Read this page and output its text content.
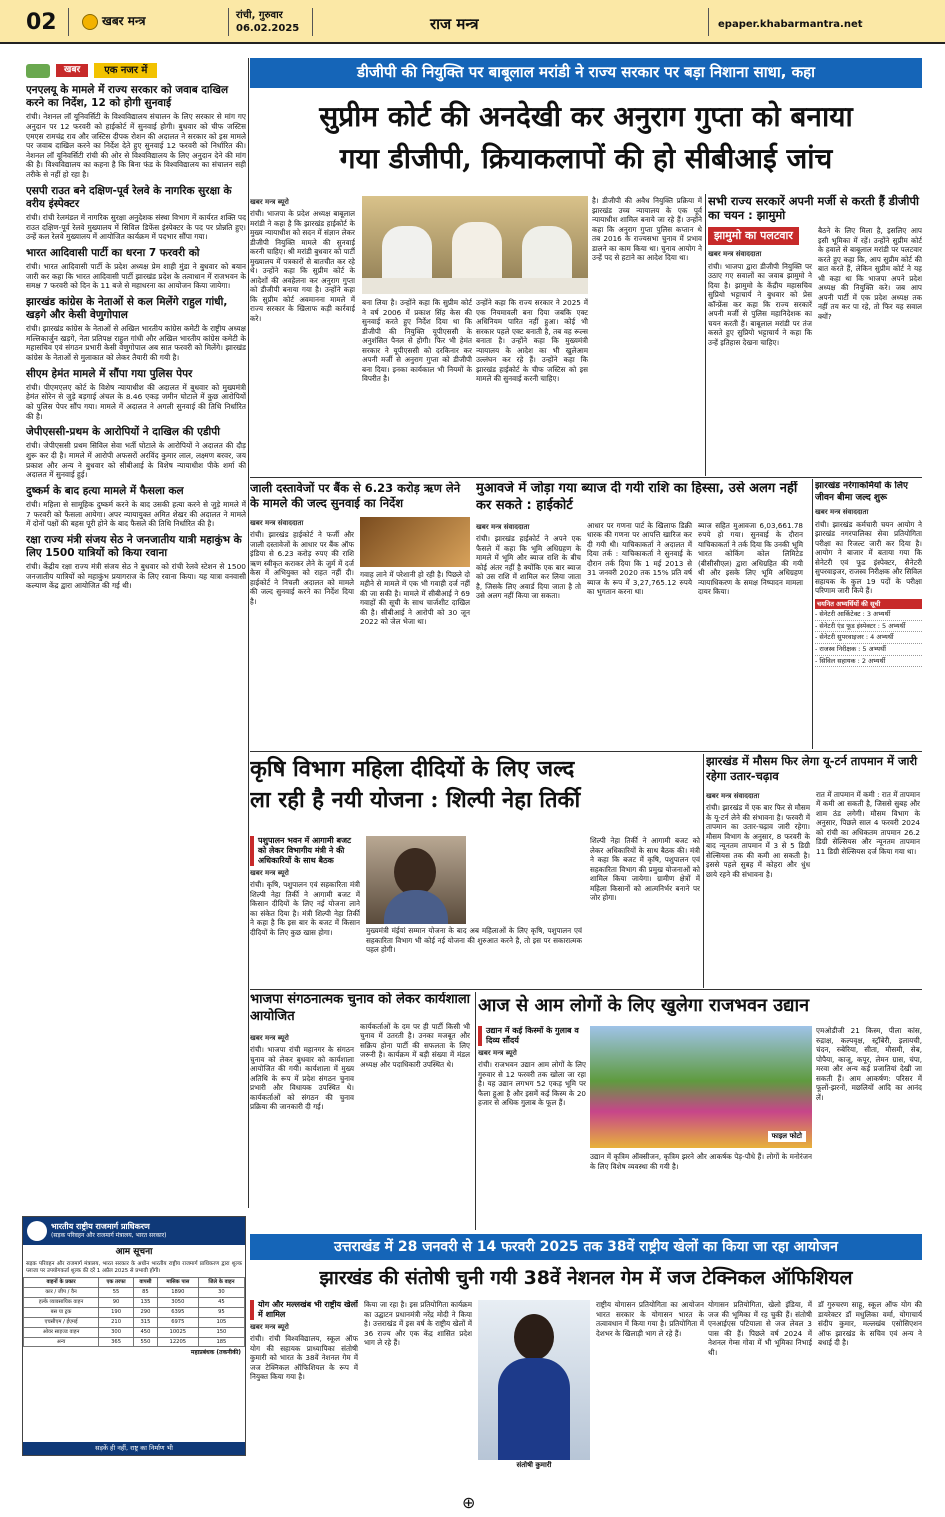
02	खबर मन्त्र	रांची, गुरुवार
06.02.2025	राज मन्त्र	epaper.khabarmantra.net
खबर	एक नजर में
एनएलयू के मामले में राज्य सरकार को जवाब दाखिल करने का निर्देश, 12 को होगी सुनवाई

रांची। नेशनल लॉ यूनिवर्सिटी के विश्वविद्यालय संचालन के लिए सरकार से मांग गए अनुदान पर 12 फरवरी को हाईकोर्ट में सुनवाई होगी। बुधवार को चीफ जस्टिस एमएस रामचंद्र राव और जस्टिस दीपक रोशन की अदालत ने सरकार को इस मामले पर जवाब दाखिल करने का निर्देश देते हुए सुनवाई 12 फरवरी को निर्धारित की। नेशनल लॉ यूनिवर्सिटी रांची की ओर से विश्वविद्यालय के लिए अनुदान देने की मांग की है। विश्वविद्यालय का कहना है कि बिना फंड के विश्वविद्यालय का संचालन सही तरीके से नहीं हो रहा है।

एसपी राउत बने दक्षिण-पूर्व रेलवे के नागरिक सुरक्षा के वरीय इंस्पेक्टर

रांची। रांची रेलमंडल में नागरिक सुरक्षा अनुदेशक संस्था विभाग में कार्यरत शक्ति पद राउत दक्षिण-पूर्व रेलवे मुख्यालय में सिविल डिफेंस इंस्पेक्टर के पद पर प्रोन्नति हुए। उन्हें कल रेलवे मुख्यालय में आयोजित कार्यक्रम में पदभार सौंपा गया।

भारत आदिवासी पार्टी का धरना 7 फरवरी को

रांची। भारत आदिवासी पार्टी के प्रदेश अध्यक्ष प्रेम शाही मुंडा ने बुधवार को बयान जारी कर कहा कि भारत आदिवासी पार्टी झारखंड प्रदेश के तत्वाधान में राजभवन के समक्ष 7 फरवरी को दिन के 11 बजे से महाधरना का आयोजन किया जायेगा।

झारखंड कांग्रेस के नेताओं से कल मिलेंगे राहुल गांधी, खड़गे और केसी वेणुगोपाल

रांची। झारखंड कांग्रेस के नेताओं से अखिल भारतीय कांग्रेस कमेटी के राष्ट्रीय अध्यक्ष मल्लिकार्जुन खड़गे, नेता प्रतिपक्ष राहुल गांधी और अखिल भारतीय कांग्रेस कमेटी के महासचिव एवं संगठन प्रभारी केसी वेणुगोपाल अब सात फरवरी को मिलेंगे। झारखंड कांग्रेस के नेताओं से मुलाकात को लेकर तैयारी की गयी है।

सीएम हेमंत मामले में सौंपा गया पुलिस पेपर

रांची। पीएमएलए कोर्ट के विशेष न्यायाधीश की अदालत में बुधवार को मुख्यमंत्री हेमंत सोरेन से जुड़े बड़गाई अंचल के 8.46 एकड़ जमीन घोटाले में कुछ आरोपियों को पुलिस पेपर सौंप गया। मामले में अदालत ने अगली सुनवाई की तिथि निर्धारित की है।

जेपीएससी-प्रथम के आरोपियों ने दाखिल की एडीपी

रांची। जेपीएससी प्रथम सिविल सेवा भर्ती घोटाले के आरोपियों ने अदालत की दौड़ शुरू कर दी है। मामले में आरोपी अफसरों अरविंद कुमार लाल, लक्ष्मण बरवर, जय प्रकाश और अन्य ने बुधवार को सीबीआई के विशेष न्यायाधीश पीके शर्मा की अदालत में सुनवाई हुई।

दुष्कर्म के बाद हत्या मामले में फैसला कल

रांची। महिला से सामूहिक दुष्कर्म करने के बाद उसकी हत्या करने से जुड़े मामले में 7 फरवरी को फैसला आयेगा। अपर न्यायायुक्त अमित शेखर की अदालत ने मामले में दोनों पक्षों की बहस पूरी होने के बाद फैसले की तिथि निर्धारित की है।

रक्षा राज्य मंत्री संजय सेठ ने जनजातीय यात्री महाकुंभ के लिए 1500 यात्रियों को किया रवाना

रांची। केंद्रीय रक्षा राज्य मंत्री संजय सेठ ने बुधवार को रांची रेलवे स्टेशन से 1500 जनजातीय यात्रियों को महाकुंभ प्रयागराज के लिए रवाना किया। यह यात्रा वनवासी कल्याण केंद्र द्वारा आयोजित की गई थी।

डीजीपी की नियुक्ति पर बाबूलाल मरांडी ने राज्य सरकार पर बड़ा निशाना साधा, कहा
सुप्रीम कोर्ट की अनदेखी कर अनुराग गुप्ता को बनाया
गया डीजीपी, क्रियाकलापों की हो सीबीआई जांच
खबर मन्त्र ब्यूरो
रांची। भाजपा के प्रदेश अध्यक्ष बाबूलाल मरांडी ने कहा है कि झारखंड हाईकोर्ट के मुख्य न्यायाधीश को सदन में संज्ञान लेकर डीजीपी नियुक्ति मामले की सुनवाई करनी चाहिए। श्री मरांडी बुधवार को पार्टी मुख्यालय में पत्रकारों से बातचीत कर रहे थे। उन्होंने कहा कि सुप्रीम कोर्ट के आदेशों की अवहेलना कर अनुराग गुप्ता को डीजीपी बनाया गया है। उन्होंने कहा कि सुप्रीम कोर्ट अवमानना मामले में राज्य सरकार के खिलाफ कड़ी कार्रवाई करे।
बना लिया है। उन्होंने कहा कि सुप्रीम कोर्ट ने वर्ष 2006 में प्रकाश सिंह केस की सुनवाई करते हुए निर्देश दिया था कि डीजीपी की नियुक्ति यूपीएससी के अनुशंसित पैनल से होगी। फिर भी हेमंत सरकार ने यूपीएससी को दरकिनार कर अपनी मर्जी से अनुराग गुप्ता को डीजीपी बना दिया। इनका कार्यकाल भी नियमों के विपरीत है।
उन्होंने कहा कि राज्य सरकार ने 2025 में एक नियमावली बना दिया जबकि एक्ट अधिनियम पारित नहीं हुआ। कोई भी सरकार पहले एक्ट बनाती है, तब वह रूल्स बनाता है। उन्होंने कहा कि मुख्यमंत्री न्यायालय के आदेश का भी खुलेआम उल्लंघन कर रहे हैं। उन्होंने कहा कि झारखंड हाईकोर्ट के चीफ जस्टिस को इस मामले की सुनवाई करनी चाहिए।
है। डीजीपी की अवैध नियुक्ति प्रक्रिया में झारखंड उच्च न्यायालय के एक पूर्व न्यायाधीश शामिल बनाये जा रहे हैं। उन्होंने कहा कि अनुराग गुप्ता पुलिस कप्तान थे तब 2016 के राज्यसभा चुनाव में प्रभाव डालने का काम किया था। चुनाव आयोग ने उन्हें पद से हटाने का आदेश दिया था।
सभी राज्य सरकारें अपनी मर्जी से करती हैं डीजीपी का चयन : झामुमो
झामुमो का पलटवार
खबर मन्त्र संवाददाता
रांची। भाजपा द्वारा डीजीपी नियुक्ति पर उठाए गए सवालों का जवाब झामुमो ने दिया है। झामुमो के केंद्रीय महासचिव सुप्रियो भट्टाचार्य ने बुधवार को प्रेस कॉन्फ्रेंस कर कहा कि राज्य सरकारें अपनी मर्जी से पुलिस महानिदेशक का चयन करती हैं। बाबूलाल मरांडी पर तंज कसते हुए सुप्रियो भट्टाचार्य ने कहा कि उन्हें इतिहास देखना चाहिए।
बैठने के लिए मिला है, इसलिए आप इसी भूमिका में रहें। उन्होंने सुप्रीम कोर्ट के हवाले से बाबूलाल मरांडी पर पलटवार करते हुए कहा कि, आप सुप्रीम कोर्ट की बात करते हैं, लेकिन सुप्रीम कोर्ट ने यह भी कहा था कि भाजपा अपने प्रदेश अध्यक्ष की नियुक्ति करे। जब आप अपनी पार्टी में एक प्रदेश अध्यक्ष तक नहीं तय कर पा रहे, तो फिर यह सवाल क्यों?
जाली दस्तावेजों पर बैंक से 6.23 करोड़ ऋण लेने के मामले की जल्द सुनवाई का निर्देश
खबर मन्त्र संवाददाता
रांची। झारखंड हाईकोर्ट ने फर्जी और जाली दस्तावेजों के आधार पर बैंक ऑफ इंडिया से 6.23 करोड़ रुपए की राशि ऋण स्वीकृत कराकर लेने के जुर्म में दर्ज केस में अभियुक्त को राहत नहीं दी। हाईकोर्ट ने निचली अदालत को मामले की जल्द सुनवाई करने का निर्देश दिया है।
गवाह लाने में परेशानी हो रही है। पिछले दो महीने से मामले में एक भी गवाही दर्ज नहीं की जा सकी है। मामले में सीबीआई ने 69 गवाहों की सूची के साथ चार्जशीट दाखिल की है। सीबीआई ने आरोपी को 30 जून 2022 को जेल भेजा था।
मुआवजे में जोड़ा गया ब्याज दी गयी राशि का हिस्सा, उसे अलग नहीं कर सकते : हाईकोर्ट
खबर मन्त्र संवाददाता
रांची। झारखंड हाईकोर्ट ने अपने एक फैसले में कहा कि भूमि अधिग्रहण के मामले में भूमि और ब्याज राशि के बीच कोई अंतर नहीं है क्योंकि एक बार ब्याज को उस राशि में शामिल कर लिया जाता है, जिसके लिए अवार्ड दिया जाता है तो उसे अलग नहीं किया जा सकता।
आधार पर गणना पार्ट के खिलाफ डिक्री धारक की गणना पर आपत्ति खारिज कर दी गयी थी। याचिकाकर्ता ने अदालत में दिया तर्क : याचिकाकर्ता ने सुनवाई के दौरान तर्क दिया कि 1 मई 2013 से 31 जनवरी 2020 तक 15% प्रति वर्ष ब्याज के रूप में 3,27,765.12 रुपये का भुगतान करना था।
ब्याज सहित मुआवजा 6,03,661.78 रुपये हो गया। सुनवाई के दौरान याचिकाकर्ता ने तर्क दिया कि उनकी भूमि भारत कोकिंग कोल लिमिटेड (बीसीसीएल) द्वारा अधिग्रहित की गयी थी और इसके लिए भूमि अधिग्रहण न्यायाधिकरण के समक्ष निष्पादन मामला दायर किया।
झारखंड नरेगाकर्मियों के लिए जीवन बीमा जल्द शुरू
खबर मन्त्र संवाददाता
रांची। झारखंड कर्मचारी चयन आयोग ने झारखंड नगरपालिका सेवा प्रतियोगिता परीक्षा का रिजल्ट जारी कर दिया है। आयोग ने बाजार में बताया गया कि सेनेटरी एवं फूड इंस्पेक्टर, सैनेटरी सुपरवाइजर, राजस्व निरीक्षक और सिविल सहायक के कुल 19 पदों के परीक्षा परिणाम जारी किये हैं।
चयनित अभ्यर्थियों की सूची
- सेनेटरी आर्किटेक्ट : 3 अभ्यर्थी
- सेनेटरी एंड फूड इंस्पेक्टर : 5 अभ्यर्थी
- सेनेटरी सुपरवाइजर : 4 अभ्यर्थी
- राजस्व निरीक्षक : 5 अभ्यर्थी
- सिविल सहायक : 2 अभ्यर्थी
कृषि विभाग महिला दीदियों के लिए जल्द
ला रही है नयी योजना : शिल्पी नेहा तिर्की
पशुपालन भवन में आगामी बजट को लेकर विभागीय मंत्री ने की अधिकारियों के साथ बैठक
खबर मन्त्र ब्यूरो
रांची। कृषि, पशुपालन एवं सहकारिता मंत्री शिल्पी नेहा तिर्की ने आगामी बजट में किसान दीदियों के लिए नई योजना लाने का संकेत दिया है। मंत्री शिल्पी नेहा तिर्की ने कहा है कि इस बार के बजट में किसान दीदियों के लिए कुछ खास होगा।	मुख्यमंत्री मंईयां सम्मान योजना के बाद अब महिलाओं के लिए कृषि, पशुपालन एवं सहकारिता विभाग भी कोई नई योजना की शुरुआत करने है, तो इस पर सकारात्मक पहल होगी।
शिल्पी नेहा तिर्की ने आगामी बजट को लेकर अधिकारियों के साथ बैठक की। मंत्री ने कहा कि बजट में कृषि, पशुपालन एवं सहकारिता विभाग की प्रमुख योजनाओं को शामिल किया जायेगा। ग्रामीण क्षेत्रों में महिला किसानों को आत्मनिर्भर बनाने पर जोर होगा।
झारखंड में मौसम फिर लेगा यू-टर्न तापमान में जारी रहेगा उतार-चढ़ाव
खबर मन्त्र संवाददाता
रांची। झारखंड में एक बार फिर से मौसम के यू-टर्न लेने की संभावना है। फरवरी में तापमान का उतार-चढ़ाव जारी रहेगा। मौसम विभाग के अनुसार, 8 फरवरी के बाद न्यूनतम तापमान में 3 से 5 डिग्री सेल्सियस तक की कमी आ सकती है। इससे पहले सुबह में कोहरा और धुंध छाये रहने की संभावना है।
रात में तापमान में कमी : रात में तापमान में कमी आ सकती है, जिससे सुबह और शाम ठंड लगेगी। मौसम विभाग के अनुसार, पिछले साल 4 फरवरी 2024 को रांची का अधिकतम तापमान 26.2 डिग्री सेल्सियस और न्यूनतम तापमान 11 डिग्री सेल्सियस दर्ज किया गया था।
भाजपा संगठनात्मक चुनाव को लेकर कार्यशाला आयोजित
खबर मन्त्र ब्यूरो
रांची। भाजपा रांची महानगर के संगठन चुनाव को लेकर बुधवार को कार्यशाला आयोजित की गयी। कार्यशाला में मुख्य अतिथि के रूप में प्रदेश संगठन चुनाव प्रभारी और विधायक उपस्थित थे। कार्यकर्ताओं को संगठन की चुनाव प्रक्रिया की जानकारी दी गई।
कार्यकर्ताओं के दम पर ही पार्टी किसी भी चुनाव में उतरती है। उनका मजबूत और सक्रिय होना पार्टी की सफलता के लिए जरूरी है। कार्यक्रम में बड़ी संख्या में मंडल अध्यक्ष और पदाधिकारी उपस्थित थे।
आज से आम लोगों के लिए खुलेगा राजभवन उद्यान
उद्यान में कई किस्मों के गुलाब व दिव्य सौंदर्य
खबर मन्त्र ब्यूरो
रांची। राजभवन उद्यान आम लोगों के लिए गुरुवार से 12 फरवरी तक खोला जा रहा है। यह उद्यान लगभग 52 एकड़ भूमि पर फैला हुआ है और इसमें कई किस्म के 20 हजार से अधिक गुलाब के फूल हैं।
फाइल फोटो
उद्यान में कृत्रिम ऑक्सीजन, कृत्रिम झरने और आकर्षक पेड़-पौधे हैं। लोगों के मनोरंजन के लिए विशेष व्यवस्था की गयी है।
एमओडीजी 21 किस्म, पीला कांस, रुद्राक्ष, कल्पवृक्ष, स्ट्रॉबेरी, इलायची, चंदन, रुबेरिया, सीता, मौसमी, सेब, पोपैया, काजू, कपूर, लेमन ग्रास, चंपा, मरवा और अन्य कई प्रजातियां देखी जा सकती हैं। आम आकर्षण: परिसर में फूलों-झरनों, मछलियों आदि का आनंद लें।
उत्तराखंड में 28 जनवरी से 14 फरवरी 2025 तक 38वें राष्ट्रीय खेलों का किया जा रहा आयोजन
झारखंड की संतोषी चुनी गयी 38वें नेशनल गेम में जज टेक्निकल ऑफिशियल
योग और मल्लखंब भी राष्ट्रीय खेलों में शामिल
खबर मन्त्र ब्यूरो
रांची। रांची विश्वविद्यालय, स्कूल ऑफ योग की सहायक प्राध्यापिका संतोषी कुमारी को भारत के 38वें नेशनल गेम में जज टेक्निकल ऑफिशियल के रूप में नियुक्त किया गया है।
किया जा रहा है। इस प्रतियोगिता कार्यक्रम का उद्घाटन प्रधानमंत्री नरेंद्र मोदी ने किया है। उत्तराखंड में इस वर्ष के राष्ट्रीय खेलों में 36 राज्य और एक केंद्र शासित प्रदेश भाग ले रहे हैं।
संतोषी कुमारी
राष्ट्रीय योगासन प्रतियोगिता का आयोजन भारत सरकार के योगासन भारत के तत्वावधान में किया गया है। प्रतियोगिता में देशभर के खिलाड़ी भाग ले रहे हैं।
योगासन प्रतियोगिता, खेलो इंडिया, में जज की भूमिका में रह चुकी हैं। संतोषी एनआईएस पटियाला से जज लेवल 3 पास की हैं। पिछले वर्ष 2024 में नेशनल गेम्स गोवा में भी भूमिका निभाई थी।
डॉ गुरुचरण साहू, स्कूल ऑफ योग की डायरेक्टर डॉ मधुलिका वर्मा, योगाचार्य संदीप कुमार, मल्लखंब एसोसिएशन ऑफ झारखंड के सचिव एवं अन्य ने बधाई दी है।
भारतीय राष्ट्रीय राजमार्ग प्राधिकरण
(सड़क परिवहन और राजमार्ग मंत्रालय, भारत सरकार)
आम सूचना
सड़क परिवहन और राजमार्ग मंत्रालय, भारत सरकार के अधीन भारतीय राष्ट्रीय राजमार्ग प्राधिकरण द्वारा शुल्क प्लाजा पर उपयोगकर्ता शुल्क की दरें 1 अप्रैल 2025 से प्रभावी होंगी।
वाहनों के प्रकार	एक तरफा	वापसी	मासिक पास	जिले के वाहन
कार / जीप / वैन	55	85	1890	30
हल्के व्यावसायिक वाहन	90	135	3050	45
बस या ट्रक	190	290	6395	95
एचसीएम / ईएमई	210	315	6975	105
ओवर साइज्ड वाहन	300	450	10025	150
अन्य	365	550	12205	185
महाप्रबंधक (तकनीकी)
सड़कें ही नहीं, राष्ट्र का निर्माण भी
⊕
